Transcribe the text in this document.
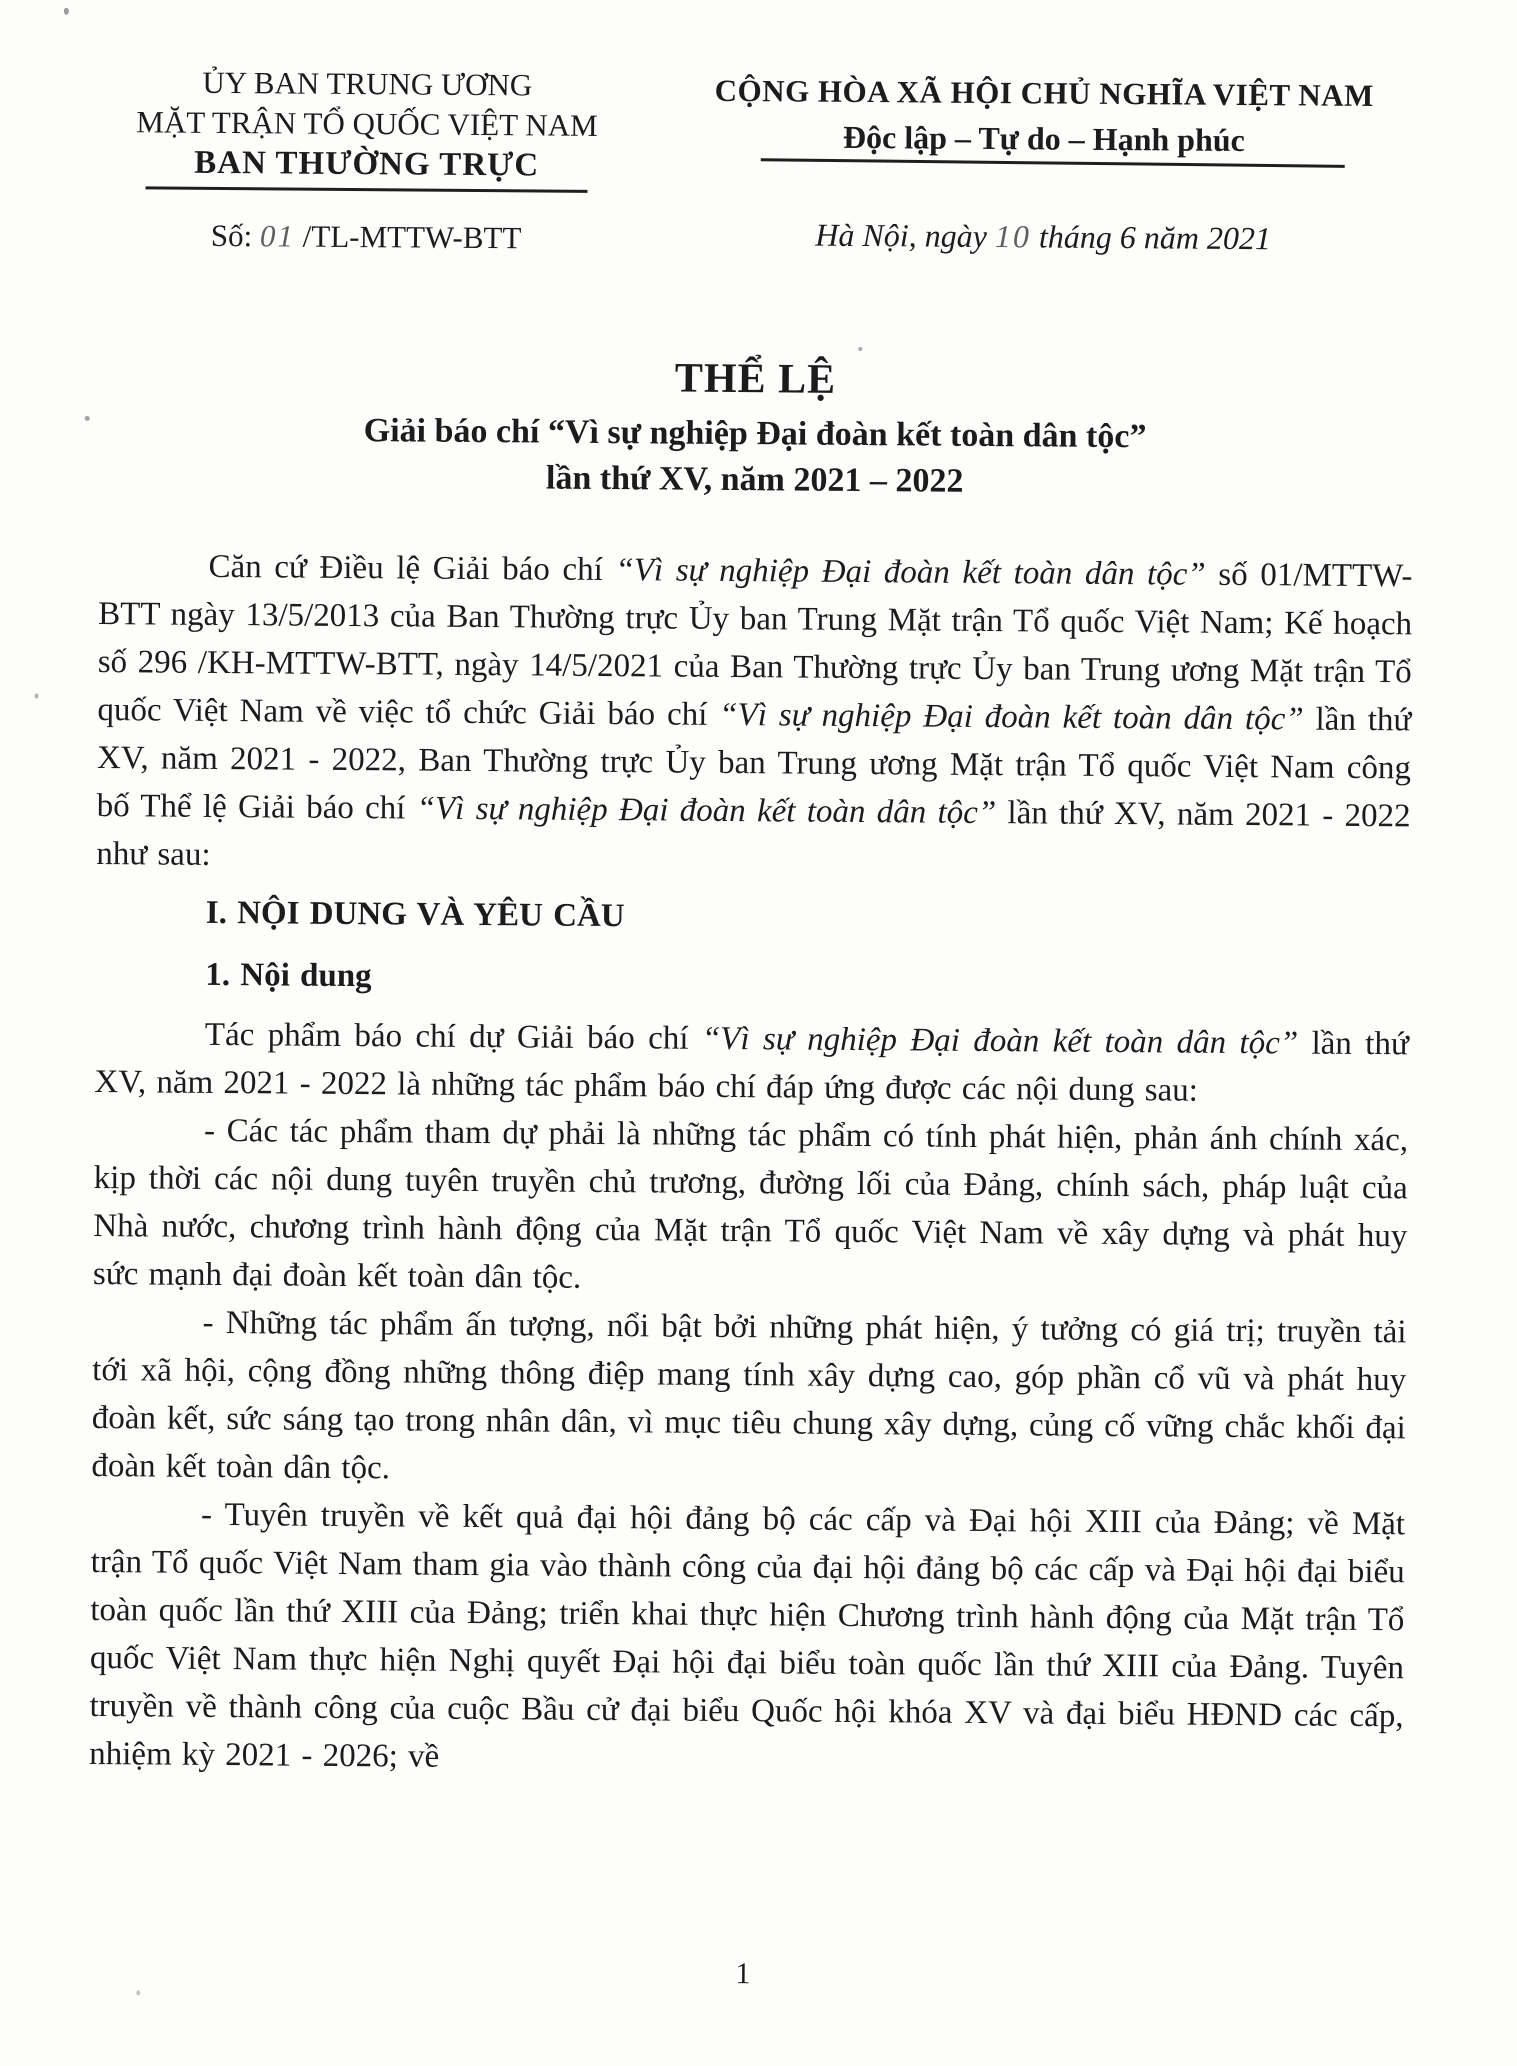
ỦY BAN TRUNG ƯƠNG
MẶT TRẬN TỔ QUỐC VIỆT NAM
BAN THƯỜNG TRỰC
Số: 01 /TL-MTTW-BTT
CỘNG HÒA XÃ HỘI CHỦ NGHĨA VIỆT NAM
Độc lập – Tự do – Hạnh phúc
Hà Nội, ngày 10 tháng 6 năm 2021
THỂ LỆ
Giải báo chí “Vì sự nghiệp Đại đoàn kết toàn dân tộc”
lần thứ XV, năm 2021 – 2022

Căn cứ Điều lệ Giải báo chí “Vì sự nghiệp Đại đoàn kết toàn dân tộc” số 01/MTTW-BTT ngày 13/5/2013 của Ban Thường trực Ủy ban Trung Mặt trận Tổ quốc Việt Nam; Kế hoạch số 296 /KH-MTTW-BTT, ngày 14/5/2021 của Ban Thường trực Ủy ban Trung ương Mặt trận Tổ quốc Việt Nam về việc tổ chức Giải báo chí “Vì sự nghiệp Đại đoàn kết toàn dân tộc” lần thứ XV, năm 2021 - 2022, Ban Thường trực Ủy ban Trung ương Mặt trận Tổ quốc Việt Nam công bố Thể lệ Giải báo chí “Vì sự nghiệp Đại đoàn kết toàn dân tộc” lần thứ XV, năm 2021 - 2022 như sau:

I. NỘI DUNG VÀ YÊU CẦU

1. Nội dung

Tác phẩm báo chí dự Giải báo chí “Vì sự nghiệp Đại đoàn kết toàn dân tộc” lần thứ XV, năm 2021 - 2022 là những tác phẩm báo chí đáp ứng được các nội dung sau:

- Các tác phẩm tham dự phải là những tác phẩm có tính phát hiện, phản ánh chính xác, kịp thời các nội dung tuyên truyền chủ trương, đường lối của Đảng, chính sách, pháp luật của Nhà nước, chương trình hành động của Mặt trận Tổ quốc Việt Nam về xây dựng và phát huy sức mạnh đại đoàn kết toàn dân tộc.

- Những tác phẩm ấn tượng, nổi bật bởi những phát hiện, ý tưởng có giá trị; truyền tải tới xã hội, cộng đồng những thông điệp mang tính xây dựng cao, góp phần cổ vũ và phát huy đoàn kết, sức sáng tạo trong nhân dân, vì mục tiêu chung xây dựng, củng cố vững chắc khối đại đoàn kết toàn dân tộc.

- Tuyên truyền về kết quả đại hội đảng bộ các cấp và Đại hội XIII của Đảng; về Mặt trận Tổ quốc Việt Nam tham gia vào thành công của đại hội đảng bộ các cấp và Đại hội đại biểu toàn quốc lần thứ XIII của Đảng; triển khai thực hiện Chương trình hành động của Mặt trận Tổ quốc Việt Nam thực hiện Nghị quyết Đại hội đại biểu toàn quốc lần thứ XIII của Đảng. Tuyên truyền về thành công của cuộc Bầu cử đại biểu Quốc hội khóa XV và đại biểu HĐND các cấp, nhiệm kỳ 2021 - 2026; về

1
